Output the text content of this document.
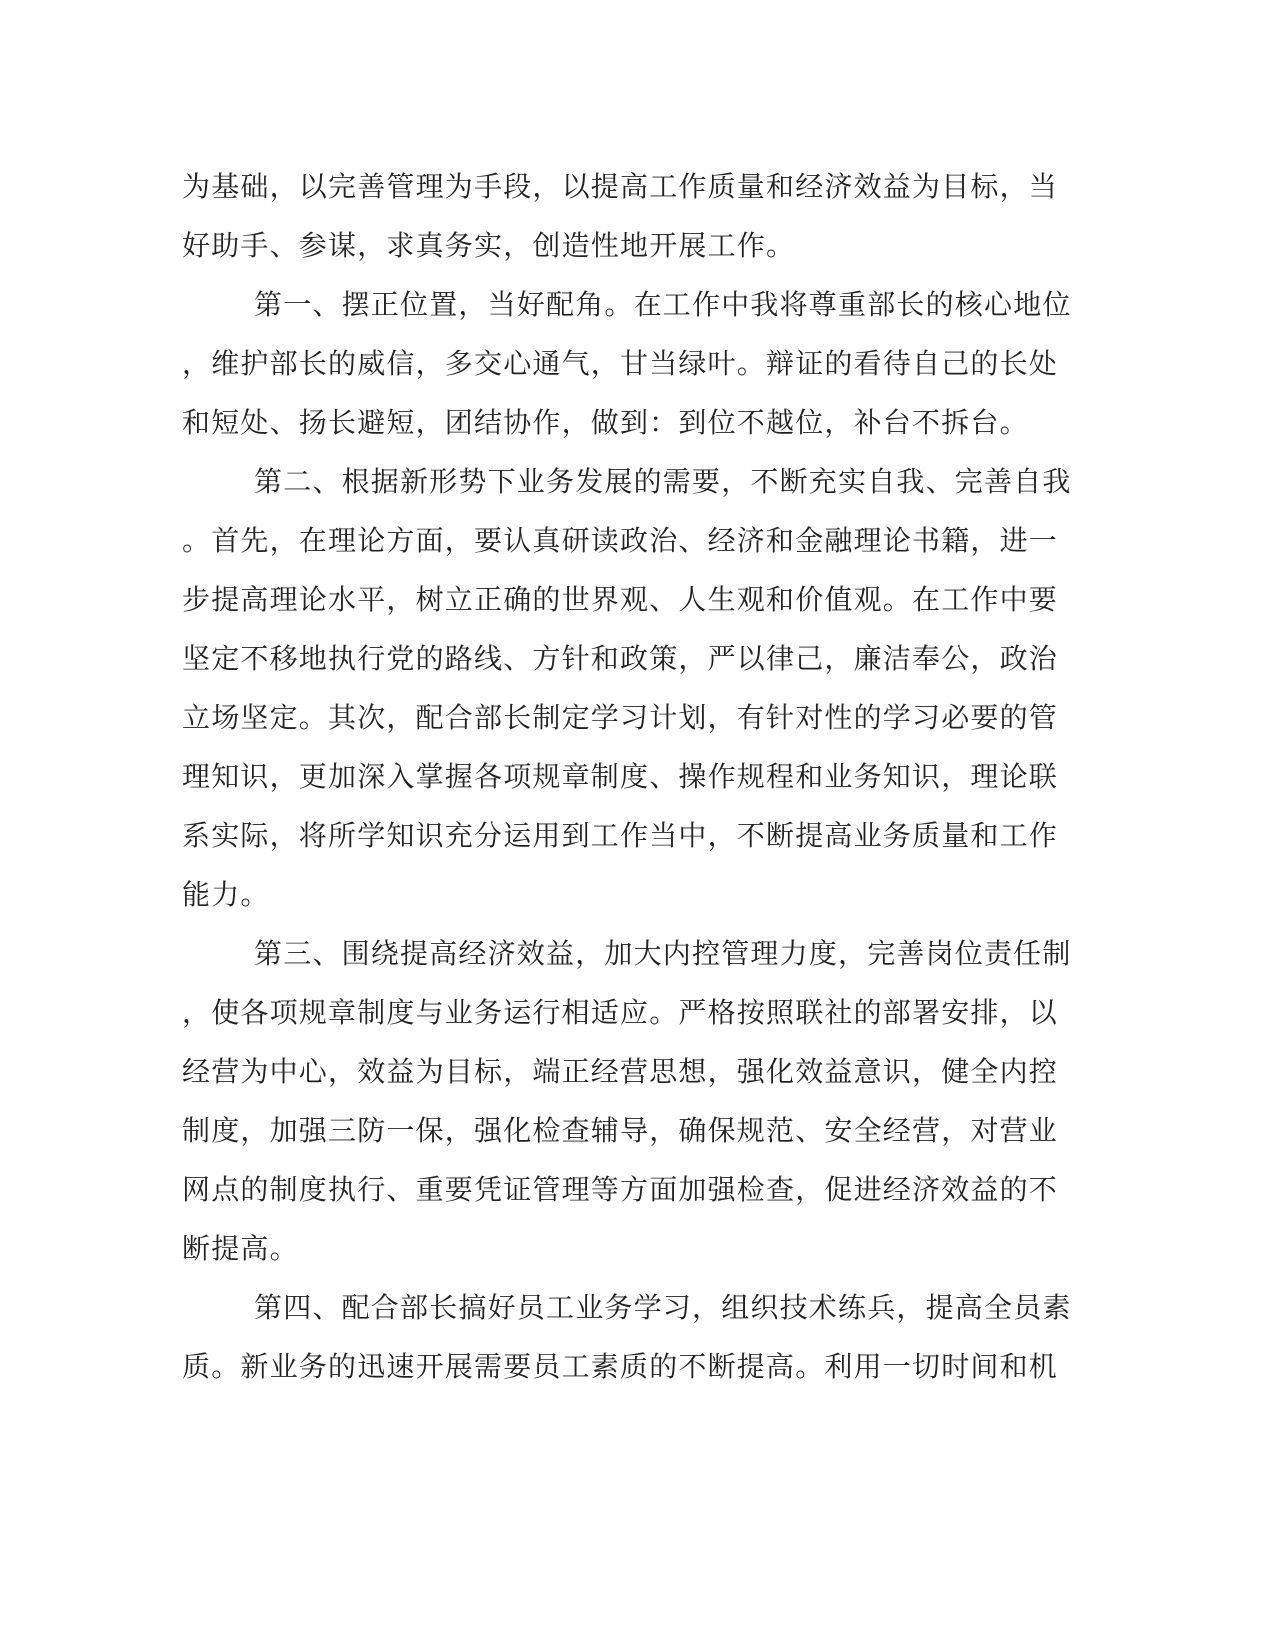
为基础，以完善管理为手段，以提高工作质量和经济效益为目标，当
好助手、参谋，求真务实，创造性地开展工作。
第一、摆正位置，当好配角。在工作中我将尊重部长的核心地位
，维护部长的威信，多交心通气，甘当绿叶。辩证的看待自己的长处
和短处、扬长避短，团结协作，做到：到位不越位，补台不拆台。
第二、根据新形势下业务发展的需要，不断充实自我、完善自我
。首先，在理论方面，要认真研读政治、经济和金融理论书籍，进一
步提高理论水平，树立正确的世界观、人生观和价值观。在工作中要
坚定不移地执行党的路线、方针和政策，严以律己，廉洁奉公，政治
立场坚定。其次，配合部长制定学习计划，有针对性的学习必要的管
理知识，更加深入掌握各项规章制度、操作规程和业务知识，理论联
系实际，将所学知识充分运用到工作当中，不断提高业务质量和工作
能力。
第三、围绕提高经济效益，加大内控管理力度，完善岗位责任制
，使各项规章制度与业务运行相适应。严格按照联社的部署安排，以
经营为中心，效益为目标，端正经营思想，强化效益意识，健全内控
制度，加强三防一保，强化检查辅导，确保规范、安全经营，对营业
网点的制度执行、重要凭证管理等方面加强检查，促进经济效益的不
断提高。
第四、配合部长搞好员工业务学习，组织技术练兵，提高全员素
质。新业务的迅速开展需要员工素质的不断提高。利用一切时间和机
